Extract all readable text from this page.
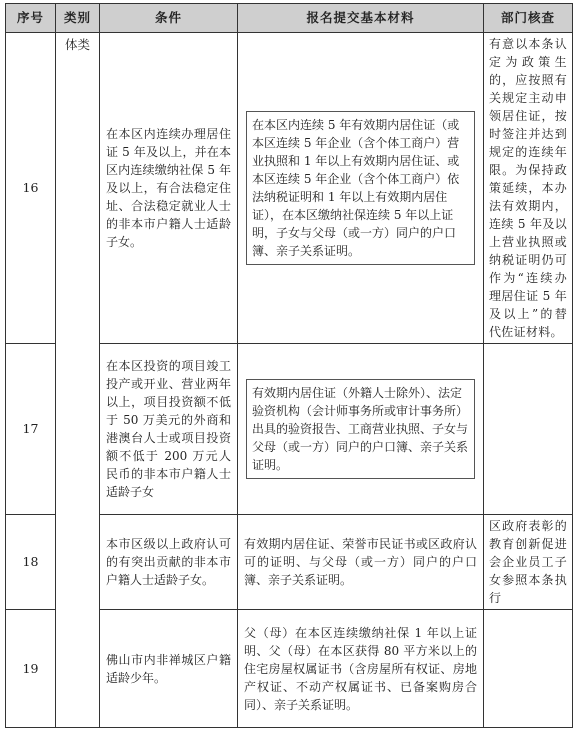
序号	类别	条件	报名提交基本材料	部门核查
16	体类	在本区内连续办理居住证 5 年及以上，并在本区内连续缴纳社保 5 年及以上，有合法稳定住址、合法稳定就业人士的非本市户籍人士适龄子女。	在本区内连续 5 年有效期内居住证（或本区连续 5 年企业（含个体工商户）营业执照和 1 年以上有效期内居住证、或本区连续 5 年企业（含个体工商户）依法纳税证明和 1 年以上有效期内居住证），在本区缴纳社保连续 5 年以上证明，子女与父母（或一方）同户的户口簿、亲子关系证明。	有意以本条认定为政策生的，应按照有关规定主动申领居住证，按时签注并达到规定的连续年限。为保持政策延续，本办法有效期内，连续 5 年及以上营业执照或纳税证明仍可作为“连续办理居住证 5 年及以上”的替代佐证材料。

17		在本区投资的项目竣工投产或开业、营业两年以上，项目投资额不低于 50 万美元的外商和港澳台人士或项目投资额不低于 200 万元人民币的非本市户籍人士适龄子女	有效期内居住证（外籍人士除外）、法定验资机构（会计师事务所或审计事务所）出具的验资报告、工商营业执照、子女与父母（或一方）同户的户口簿、亲子关系证明。	

18		本市区级以上政府认可的有突出贡献的非本市户籍人士适龄子女。	有效期内居住证、荣誉市民证书或区政府认可的证明、与父母（或一方）同户的户口簿、亲子关系证明。	区政府表彰的教育创新促进会企业员工子女参照本条执行

19		佛山市内非禅城区户籍适龄少年。	父（母）在本区连续缴纳社保 1 年以上证明、父（母）在本区获得 80 平方米以上的住宅房屋权属证书（含房屋所有权证、房地产权证、不动产权属证书、已备案购房合同）、亲子关系证明。	
